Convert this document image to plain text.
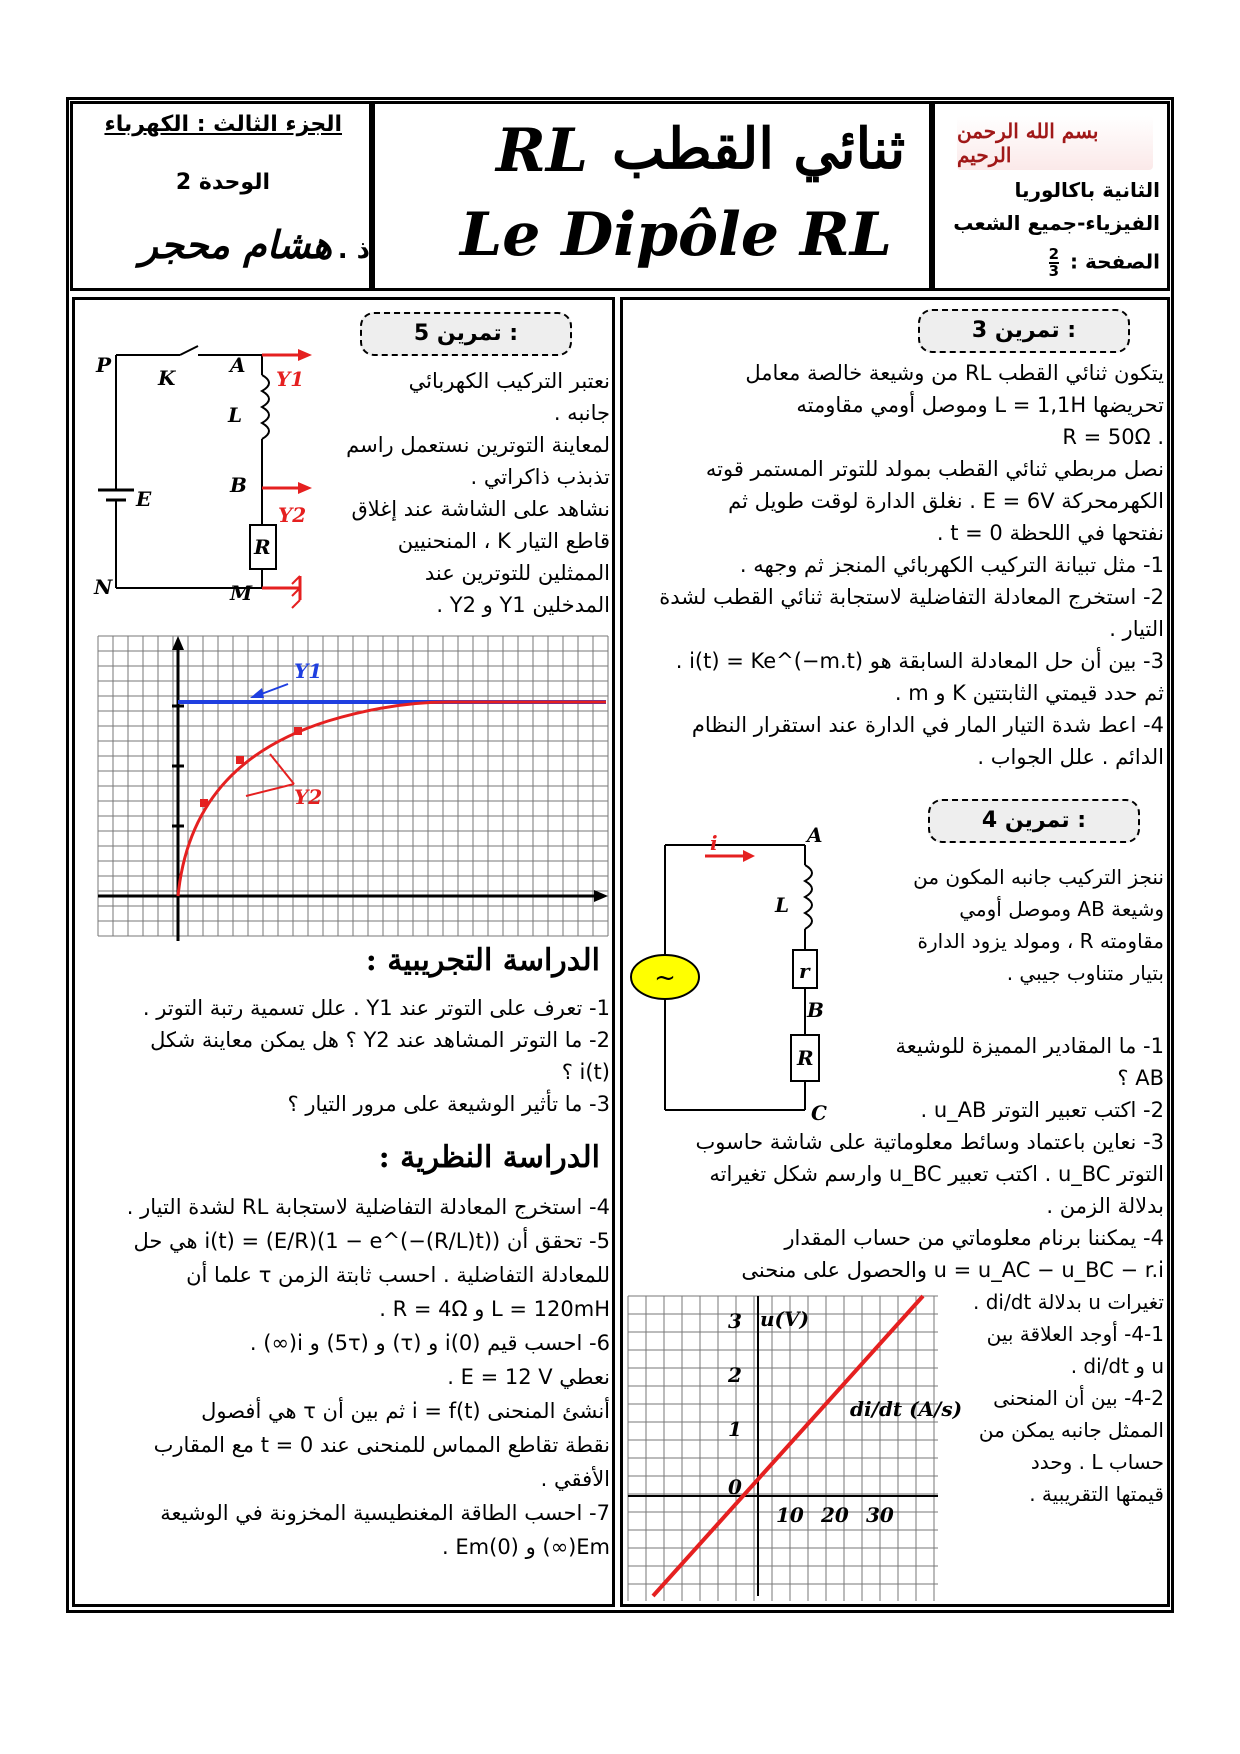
بسم الله الرحمن الرحيم
الثانية باكالوريا
الفيزياء-جميع الشعب
الصفحة :
$\frac{2}{3}$
RL ثنائي القطب
Le Dipôle RL
الجزء الثالث : الكهرباء
الوحدة 2
ذ . هشام محجر
تمرين 3 :

يتكون ثنائي القطب RL من وشيعة خالصة معامل

تحريضها L = 1,1H وموصل أومي مقاومته

. R = 50Ω

نصل مربطي ثنائي القطب بمولد للتوتر المستمر قوته

الكهرمحركة E = 6V . نغلق الدارة لوقت طويل ثم

نفتحها في اللحظة t = 0 .

1- مثل تبيانة التركيب الكهربائي المنجز ثم وجهه .

2- استخرج المعادلة التفاضلية لاستجابة ثنائي القطب لشدة

التيار .

3- بين أن حل المعادلة السابقة هو i(t) = Ke^(−m.t) .

ثم حدد قيمتي الثابتتين K و m .

4- اعط شدة التيار المار في الدارة عند استقرار النظام

الدائم . علل الجواب .

تمرين 4 :

ننجز التركيب جانبه المكون من

وشيعة AB وموصل أومي

مقاومته R ، ومولد يزود الدارة

بتيار متناوب جيبي .

~
i	A
L
r
B
R
C

1- ما المقادير المميزة للوشيعة

AB ؟

2- اكتب تعبير التوتر u_AB .

3- نعاين باعتماد وسائط معلوماتية على شاشة حاسوب

التوتر u_BC . اكتب تعبير u_BC وارسم شكل تغيراته

بدلالة الزمن .

4- يمكننا برنام معلوماتي من حساب المقدار

u = u_AC − u_BC − r.i والحصول على منحنى

تغيرات u بدلالة di/dt .

4-1- أوجد العلاقة بين

u و di/dt .

4-2- بين أن المنحنى

الممثل جانبه يمكن من

حساب L . وحدد

قيمتها التقريبية .

u(V)
di/dt (A/s)
3
2
1
0
10 20 30
تمرين 5 :

نعتبر التركيب الكهربائي

جانبه .

لمعاينة التوترين نستعمل راسم

تذبذب ذاكراتي .

نشاهد على الشاشة عند إغلاق

قاطع التيار K ، المنحنيين

الممثلين للتوترين عند

المدخلين Y1 و Y2 .

P
K
A
Y1
L
B
Y2
E
R
N	M
Y1
Y2
الدراسة التجريبية :

1- تعرف على التوتر عند Y1 . علل تسمية رتبة التوتر .

2- ما التوتر المشاهد عند Y2 ؟ هل يمكن معاينة شكل

i(t) ؟

3- ما تأثير الوشيعة على مرور التيار ؟

الدراسة النظرية :

4- استخرج المعادلة التفاضلية لاستجابة RL لشدة التيار .

5- تحقق أن i(t) = (E/R)(1 − e^(−(R/L)t)) هي حل

للمعادلة التفاضلية . احسب ثابتة الزمن τ علما أن

L = 120mH و R = 4Ω .

6- احسب قيم i(0) و (τ) و (5τ) و i(∞) .

نعطي E = 12 V .

أنشئ المنحنى i = f(t) ثم بين أن τ هي أفصول

نقطة تقاطع المماس للمنحنى عند t = 0 مع المقارب

الأفقي .

7- احسب الطاقة المغنطيسية المخزونة في الوشيعة

Em(∞) و Em(0) .
